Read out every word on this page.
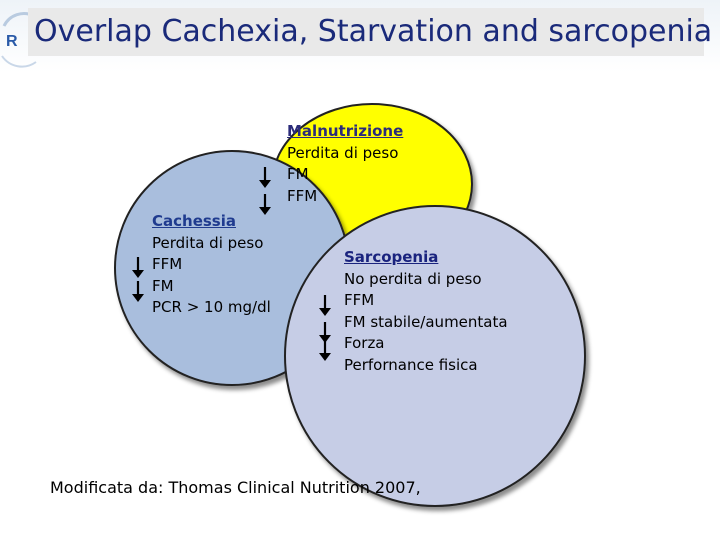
R Overlap Cachexia, Starvation and sarcopenia
Malnutrizione
Perdita di peso
FM
FFM
Cachessia
Perdita di peso
FFM
FM
PCR > 10 mg/dl
Sarcopenia
No perdita di peso
FFM
FM stabile/aumentata
Forza
Perfornance fisica
Modificata da: Thomas Clinical Nutrition 2007,
